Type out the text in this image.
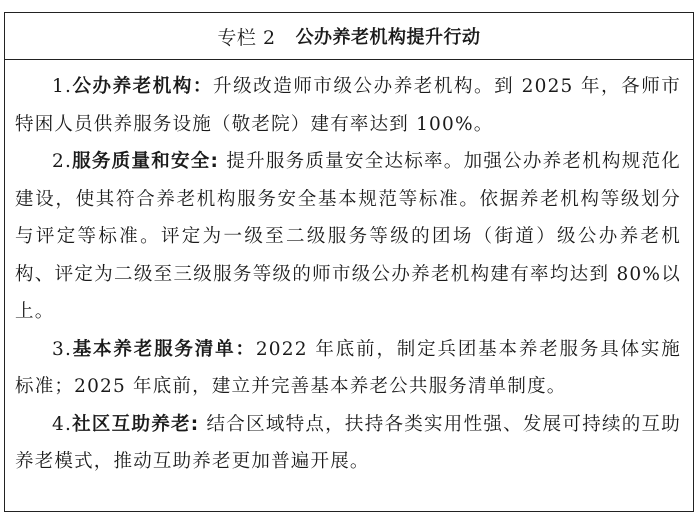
专栏 2 公办养老机构提升行动

1.公办养老机构：升级改造师市级公办养老机构。到 2025 年，各师市特困人员供养服务设施（敬老院）建有率达到 100%。

2.服务质量和安全: 提升服务质量安全达标率。加强公办养老机构规范化建设，使其符合养老机构服务安全基本规范等标准。依据养老机构等级划分与评定等标准。评定为一级至二级服务等级的团场（街道）级公办养老机构、评定为二级至三级服务等级的师市级公办养老机构建有率均达到 80%以上。

3.基本养老服务清单：2022 年底前，制定兵团基本养老服务具体实施标准；2025 年底前，建立并完善基本养老公共服务清单制度。

4.社区互助养老: 结合区域特点，扶持各类实用性强、发展可持续的互助养老模式，推动互助养老更加普遍开展。
